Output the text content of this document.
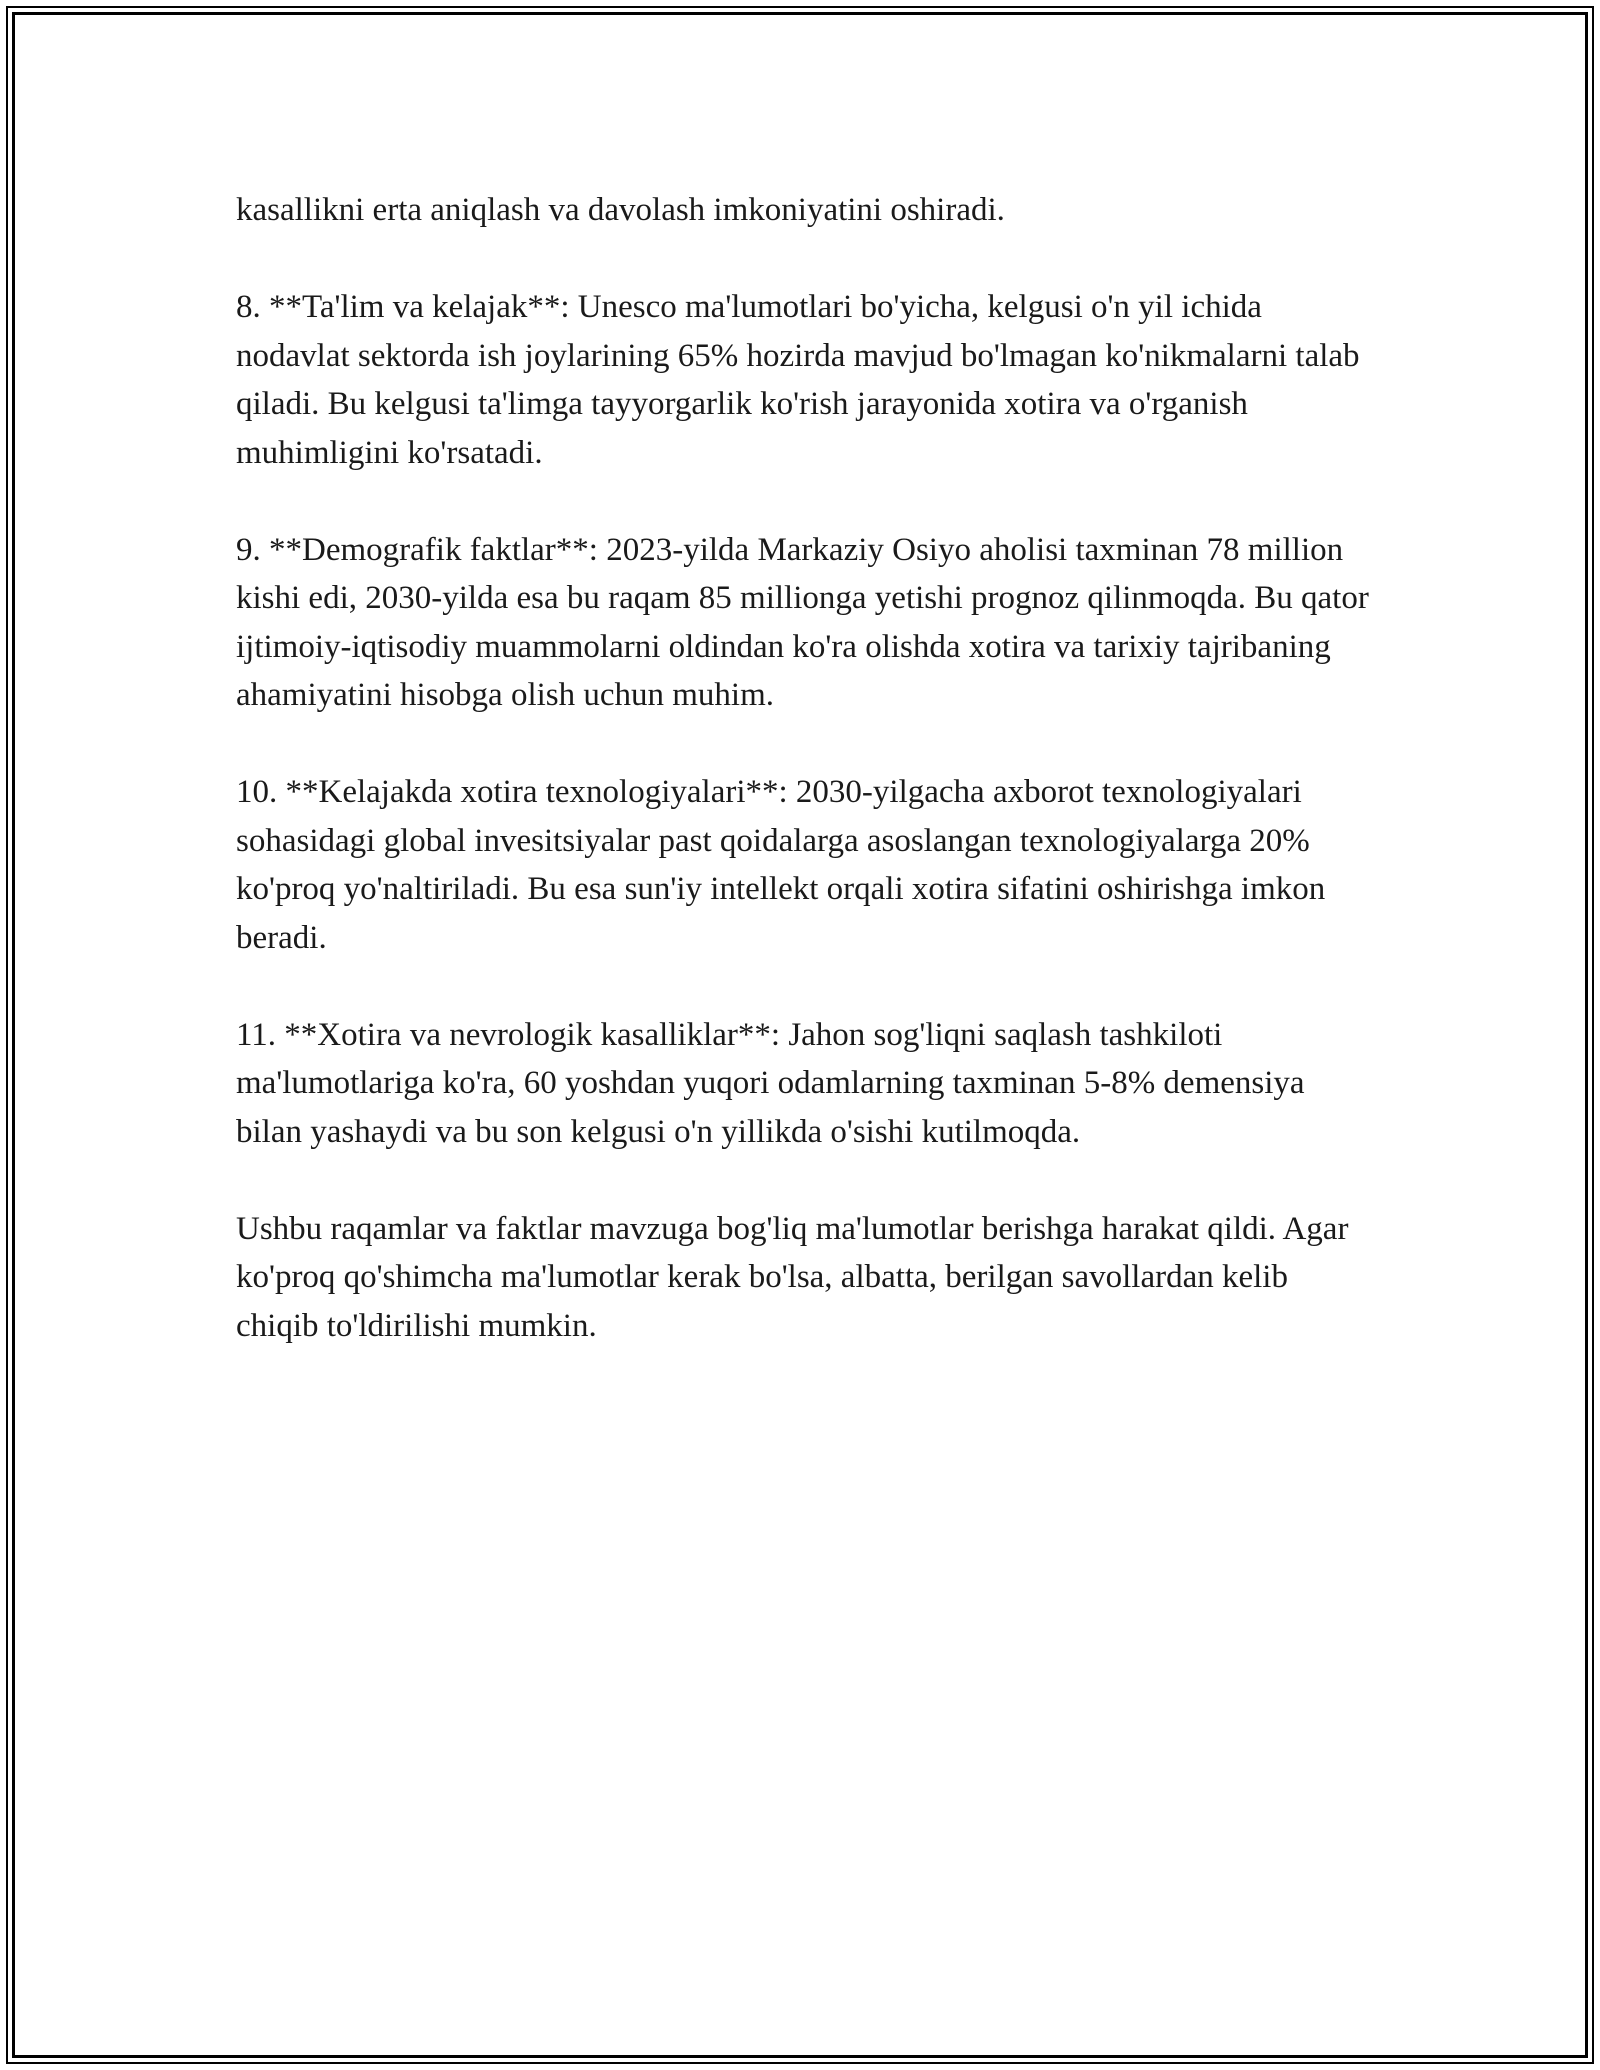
kasallikni erta aniqlash va davolash imkoniyatini oshiradi.

8. **Ta'lim va kelajak**: Unesco ma'lumotlari bo'yicha, kelgusi o'n yil ichida nodavlat sektorda ish joylarining 65% hozirda mavjud bo'lmagan ko'nikmalarni talab qiladi. Bu kelgusi ta'limga tayyorgarlik ko'rish jarayonida xotira va o'rganish muhimligini ko'rsatadi.

9. **Demografik faktlar**: 2023-yilda Markaziy Osiyo aholisi taxminan 78 million kishi edi, 2030-yilda esa bu raqam 85 millionga yetishi prognoz qilinmoqda. Bu qator ijtimoiy-iqtisodiy muammolarni oldindan ko'ra olishda xotira va tarixiy tajribaning ahamiyatini hisobga olish uchun muhim.

10. **Kelajakda xotira texnologiyalari**: 2030-yilgacha axborot texnologiyalari sohasidagi global invesitsiyalar past qoidalarga asoslangan texnologiyalarga 20% ko'proq yo'naltiriladi. Bu esa sun'iy intellekt orqali xotira sifatini oshirishga imkon beradi.

11. **Xotira va nevrologik kasalliklar**: Jahon sog'liqni saqlash tashkiloti ma'lumotlariga ko'ra, 60 yoshdan yuqori odamlarning taxminan 5-8% demensiya bilan yashaydi va bu son kelgusi o'n yillikda o'sishi kutilmoqda.

Ushbu raqamlar va faktlar mavzuga bog'liq ma'lumotlar berishga harakat qildi. Agar ko'proq qo'shimcha ma'lumotlar kerak bo'lsa, albatta, berilgan savollardan kelib chiqib to'ldirilishi mumkin.
